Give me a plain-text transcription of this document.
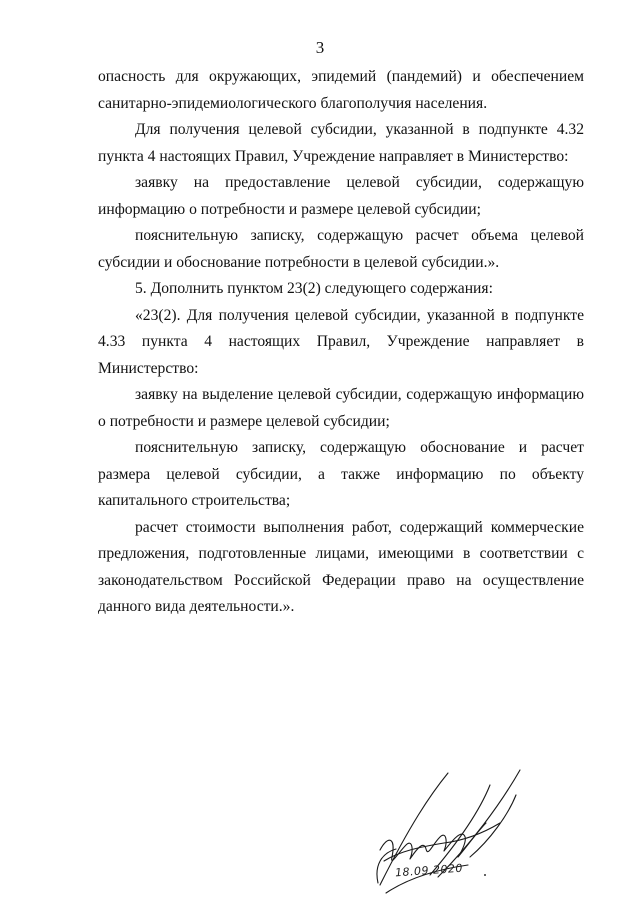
3

опасность для окружающих, эпидемий (пандемий) и обеспечением санитарно-эпидемиологического благополучия населения.

Для получения целевой субсидии, указанной в подпункте 4.32 пункта 4 настоящих Правил, Учреждение направляет в Министерство:

заявку на предоставление целевой субсидии, содержащую информацию о потребности и размере целевой субсидии;

пояснительную записку, содержащую расчет объема целевой субсидии и обоснование потребности в целевой субсидии.».

5. Дополнить пунктом 23(2) следующего содержания:

«23(2). Для получения целевой субсидии, указанной в подпункте 4.33 пункта 4 настоящих Правил, Учреждение направляет в Министерство:

заявку на выделение целевой субсидии, содержащую информацию о потребности и размере целевой субсидии;

пояснительную записку, содержащую обоснование и расчет размера целевой субсидии, а также информацию по объекту капитального строительства;

расчет стоимости выполнения работ, содержащий коммерческие предложения, подготовленные лицами, имеющими в соответствии с законодательством Российской Федерации право на осуществление данного вида деятельности.».

18.09.2020
